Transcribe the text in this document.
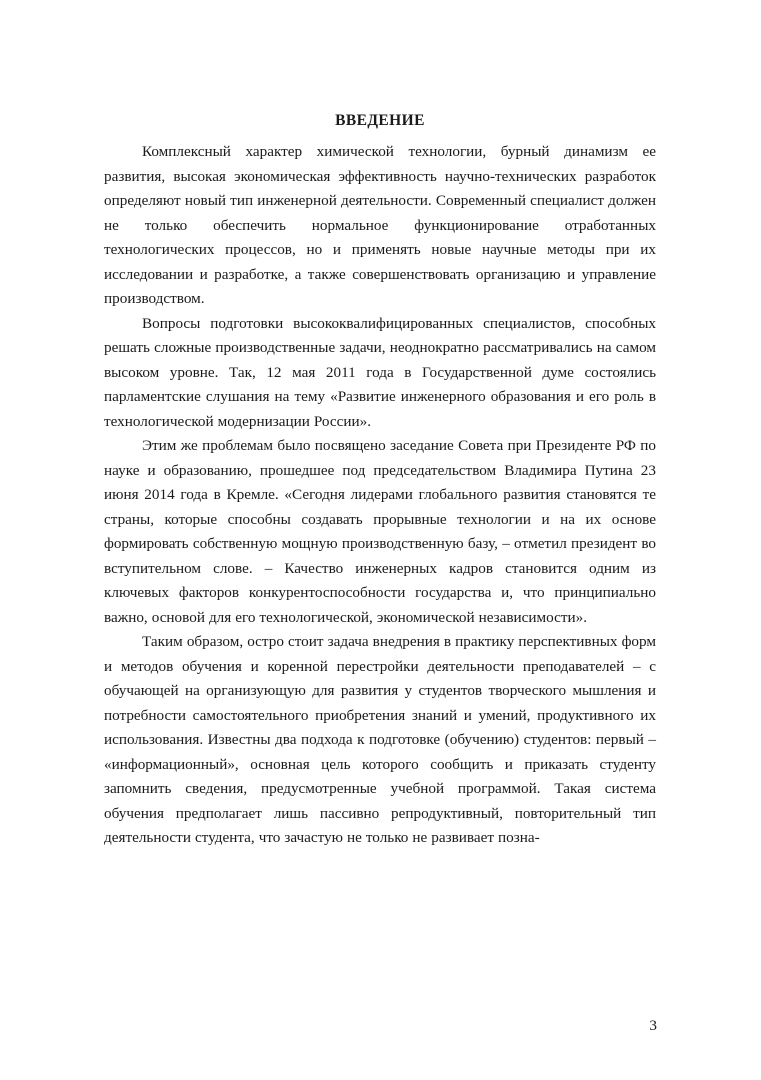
ВВЕДЕНИЕ

Комплексный характер химической технологии, бурный динамизм ее развития, высокая экономическая эффективность научно-технических разработок определяют новый тип инженерной деятельности. Современный специалист должен не только обеспечить нормальное функционирование отработанных технологических процессов, но и применять новые научные методы при их исследовании и разработке, а также совершенствовать организацию и управление производством.

Вопросы подготовки высококвалифицированных специалистов, способных решать сложные производственные задачи, неоднократно рассматривались на самом высоком уровне. Так, 12 мая 2011 года в Государственной думе состоялись парламентские слушания на тему «Развитие инженерного образования и его роль в технологической модернизации России».

Этим же проблемам было посвящено заседание Совета при Президенте РФ по науке и образованию, прошедшее под председательством Владимира Путина 23 июня 2014 года в Кремле. «Сегодня лидерами глобального развития становятся те страны, которые способны создавать прорывные технологии и на их основе формировать собственную мощную производственную базу, – отметил президент во вступительном слове. – Качество инженерных кадров становится одним из ключевых факторов конкурентоспособности государства и, что принципиально важно, основой для его технологической, экономической независимости».

Таким образом, остро стоит задача внедрения в практику перспективных форм и методов обучения и коренной перестройки деятельности преподавателей – с обучающей на организующую для развития у студентов творческого мышления и потребности самостоятельного приобретения знаний и умений, продуктивного их использования. Известны два подхода к подготовке (обучению) студентов: первый – «информационный», основная цель которого сообщить и приказать студенту запомнить сведения, предусмотренные учебной программой. Такая система обучения предполагает лишь пассивно репродуктивный, повторительный тип деятельности студента, что зачастую не только не развивает позна-

3
